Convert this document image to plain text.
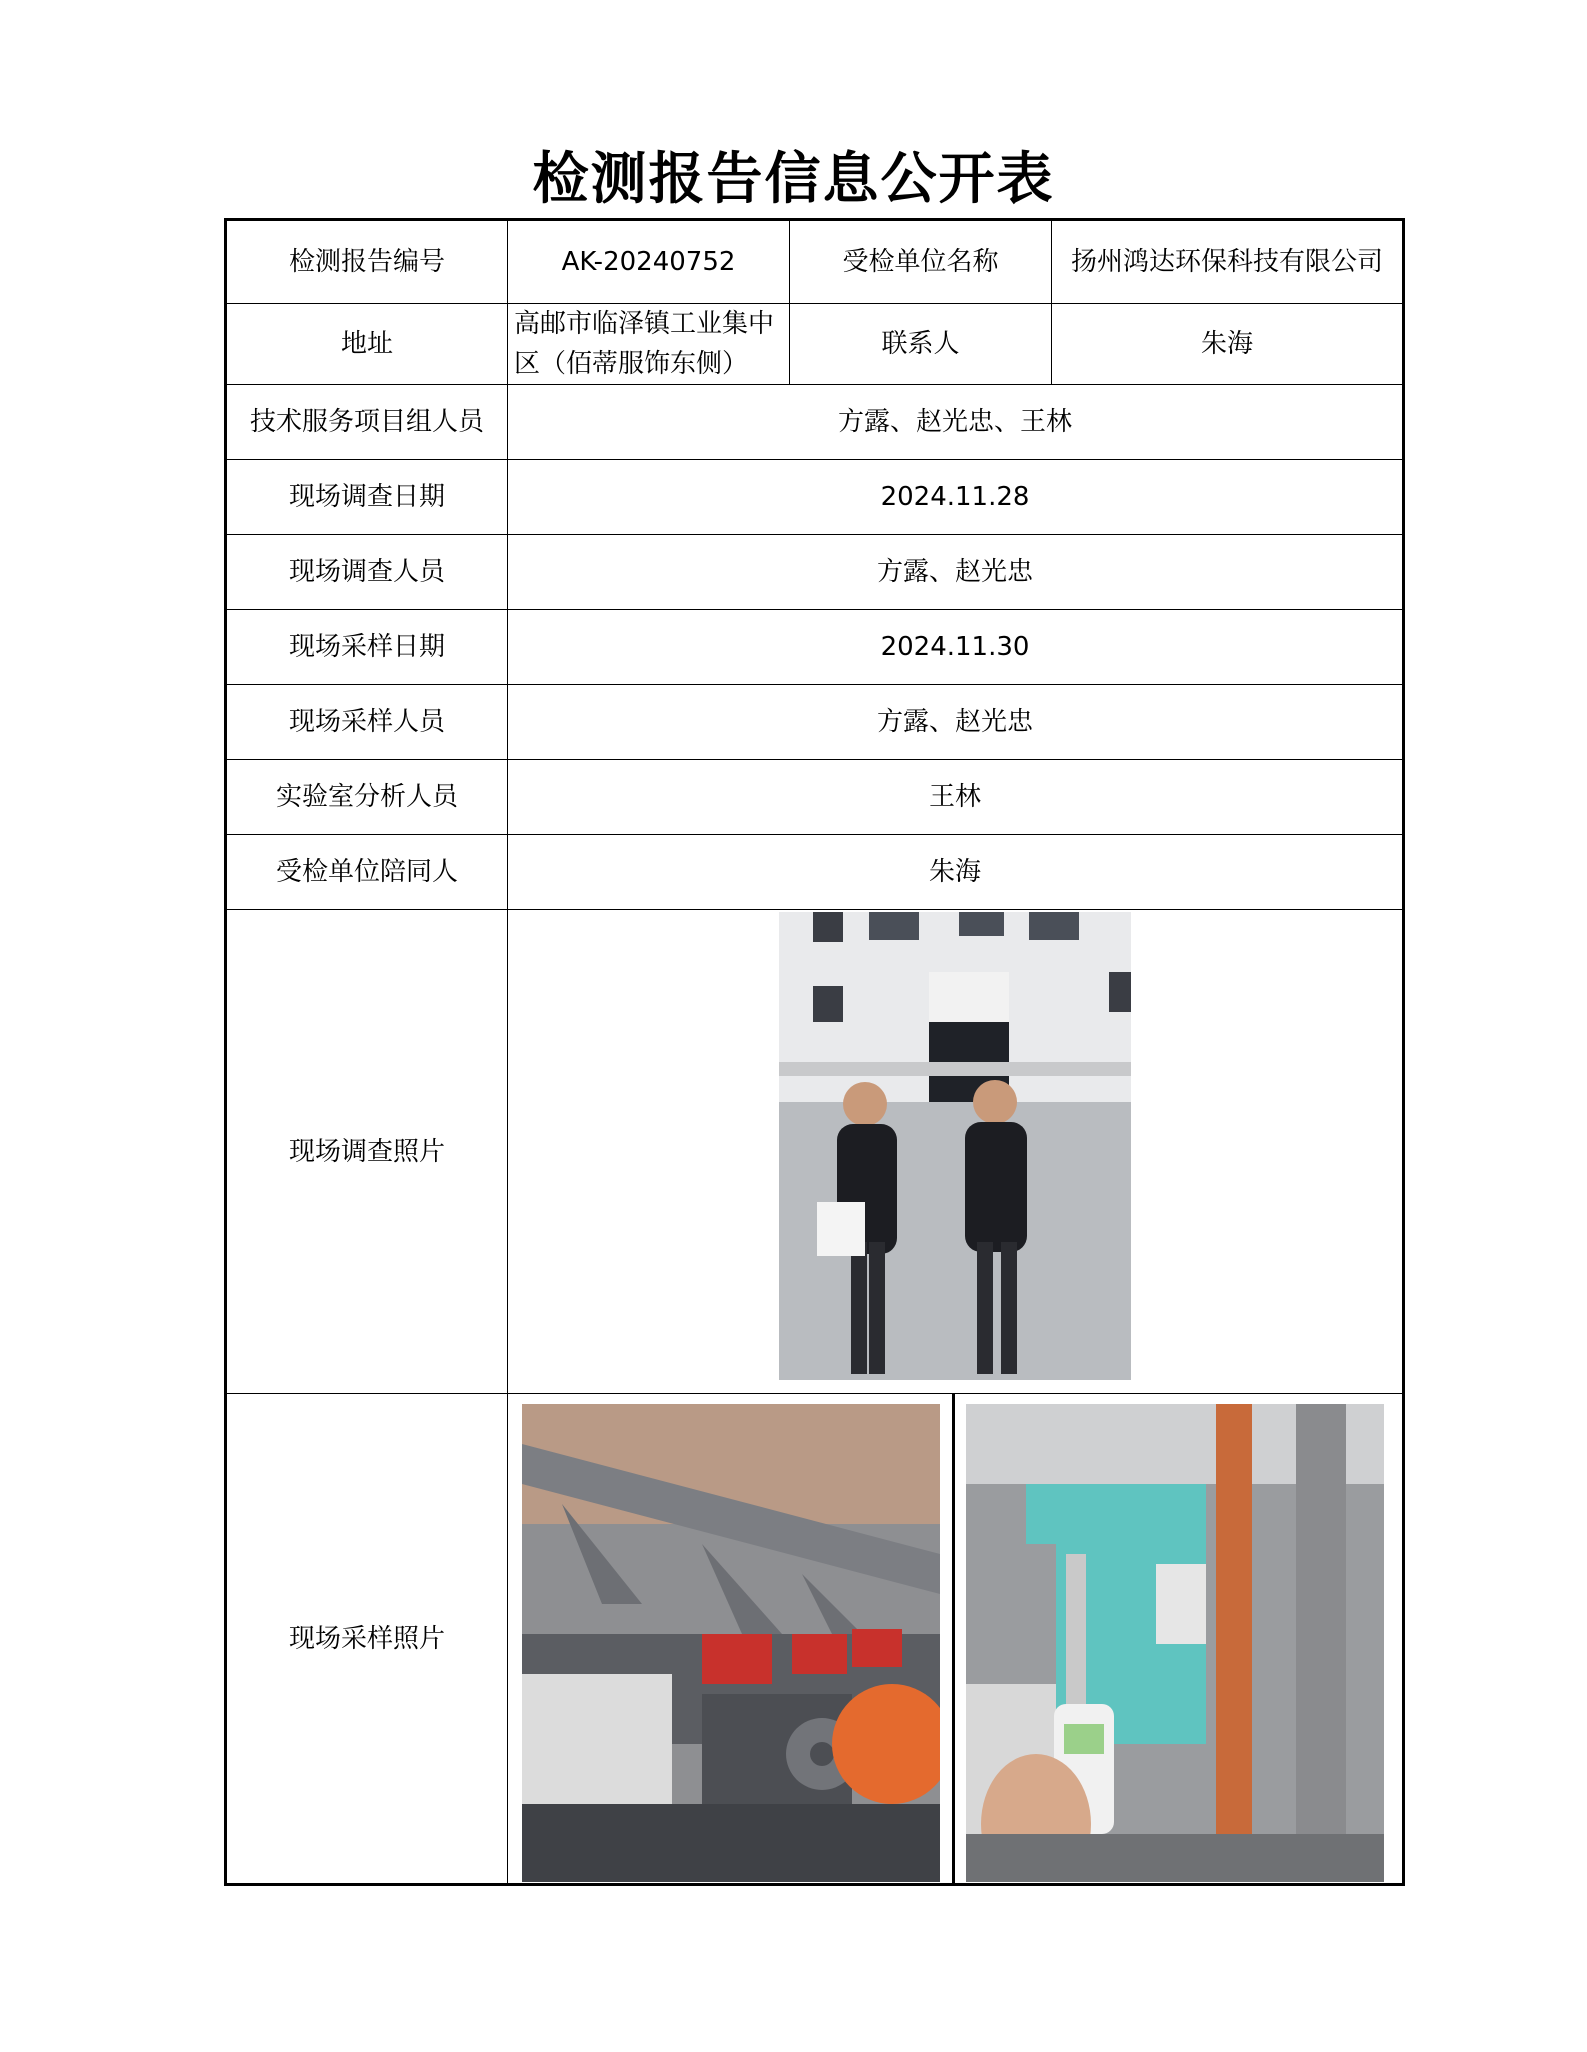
检测报告信息公开表
检测报告编号	AK-20240752	受检单位名称	扬州鸿达环保科技有限公司
地址	高邮市临泽镇工业集中区（佰蒂服饰东侧）	联系人	朱海
技术服务项目组人员	方露、赵光忠、王林		
现场调查日期	2024.11.28		
现场调查人员	方露、赵光忠		
现场采样日期	2024.11.30		
现场采样人员	方露、赵光忠		
实验室分析人员	王林		
受检单位陪同人	朱海		
现场调查照片	

现场采样照片	
